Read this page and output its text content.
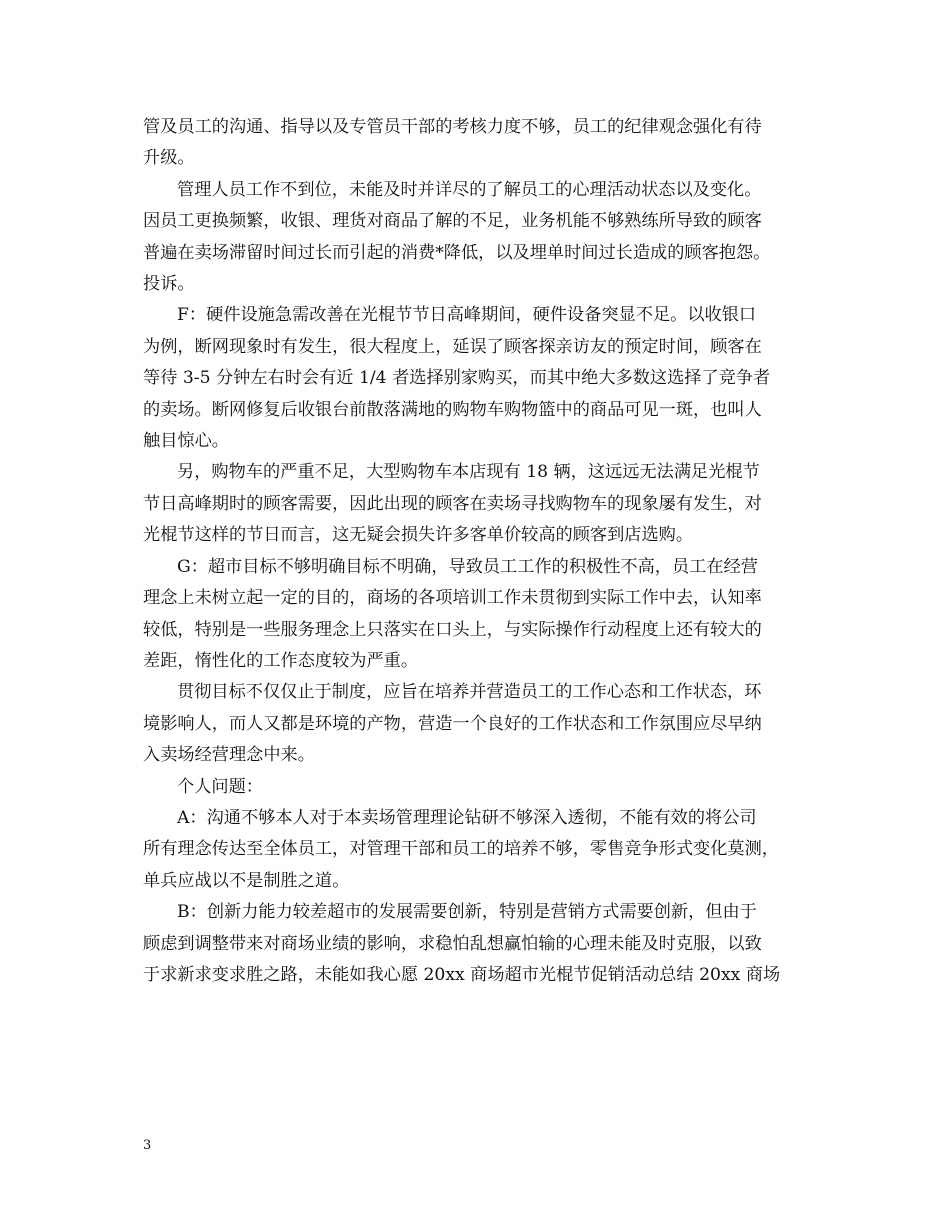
管及员工的沟通、指导以及专管员干部的考核力度不够，员工的纪律观念强化有待
升级。

管理人员工作不到位，未能及时并详尽的了解员工的心理活动状态以及变化。
因员工更换频繁，收银、理货对商品了解的不足，业务机能不够熟练所导致的顾客
普遍在卖场滞留时间过长而引起的消费*降低，以及埋单时间过长造成的顾客抱怨。
投诉。

F：硬件设施急需改善在光棍节节日高峰期间，硬件设备突显不足。以收银口
为例，断网现象时有发生，很大程度上，延误了顾客探亲访友的预定时间，顾客在
等待 3-5 分钟左右时会有近 1/4 者选择别家购买，而其中绝大多数这选择了竞争者
的卖场。断网修复后收银台前散落满地的购物车购物篮中的商品可见一斑，也叫人
触目惊心。

另，购物车的严重不足，大型购物车本店现有 18 辆，这远远无法满足光棍节
节日高峰期时的顾客需要，因此出现的顾客在卖场寻找购物车的现象屡有发生，对
光棍节这样的节日而言，这无疑会损失许多客单价较高的顾客到店选购。

G：超市目标不够明确目标不明确，导致员工工作的积极性不高，员工在经营
理念上未树立起一定的目的，商场的各项培训工作未贯彻到实际工作中去，认知率
较低，特别是一些服务理念上只落实在口头上，与实际操作行动程度上还有较大的
差距，惰性化的工作态度较为严重。

贯彻目标不仅仅止于制度，应旨在培养并营造员工的工作心态和工作状态，环
境影响人，而人又都是环境的产物，营造一个良好的工作状态和工作氛围应尽早纳
入卖场经营理念中来。

个人问题：

A：沟通不够本人对于本卖场管理理论钻研不够深入透彻，不能有效的将公司
所有理念传达至全体员工，对管理干部和员工的培养不够，零售竞争形式变化莫测，
单兵应战以不是制胜之道。

B：创新力能力较差超市的发展需要创新，特别是营销方式需要创新，但由于
顾虑到调整带来对商场业绩的影响，求稳怕乱想赢怕输的心理未能及时克服，以致
于求新求变求胜之路，未能如我心愿 20xx 商场超市光棍节促销活动总结 20xx 商场

3
